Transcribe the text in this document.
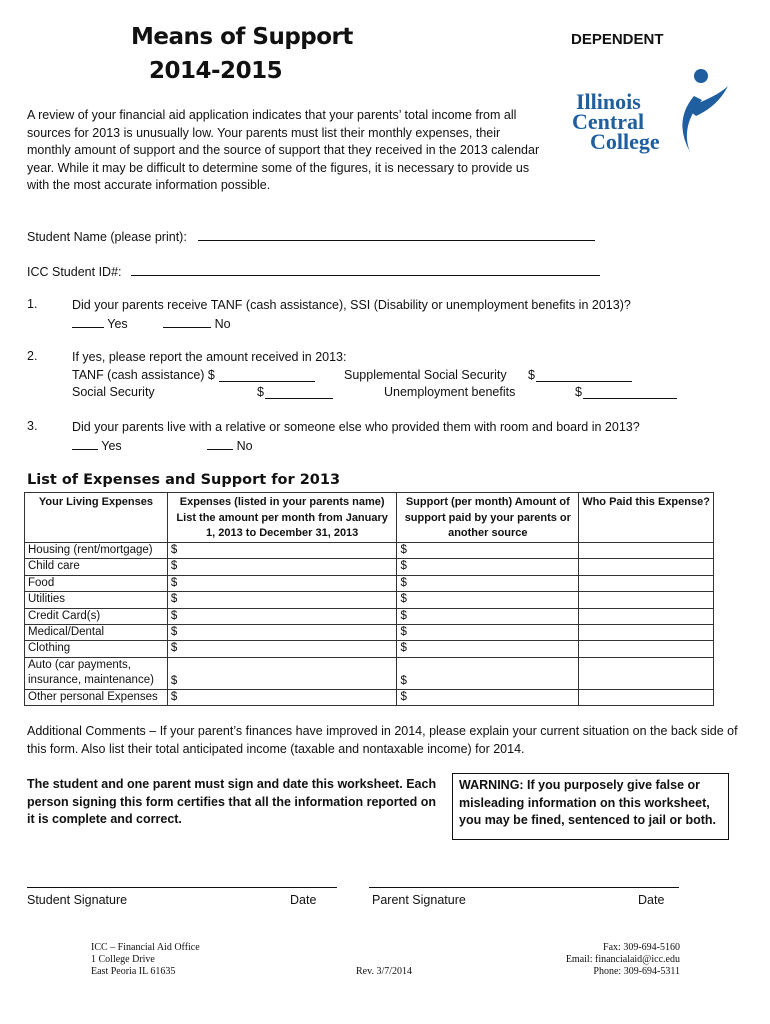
Means of Support
2014-2015
DEPENDENT
Illinois
Central
College
A review of your financial aid application indicates that your parents’ total income from all sources for 2013 is unusually low. Your parents must list their monthly expenses, their monthly amount of support and the source of support that they received in the 2013 calendar year. While it may be difficult to determine some of the figures, it is necessary to provide us with the most accurate information possible.
Student Name (please print):
ICC Student ID#:
1.	Did your parents receive TANF (cash assistance), SSI (Disability or unemployment benefits in 2013)?
Yes	No
2.	If yes, please report the amount received in 2013:
TANF (cash assistance) $	Supplemental Social Security $
Social Security	$	Unemployment benefits	$
3.	Did your parents live with a relative or someone else who provided them with room and board in 2013?
Yes	No
List of Expenses and Support for 2013
Your Living Expenses	Expenses (listed in your parents name) List the amount per month from January 1, 2013 to December 31, 2013	Support (per month) Amount of support paid by your parents or another source	Who Paid this Expense?
Housing (rent/mortgage)	$	$	
Child care	$	$	
Food	$	$	
Utilities	$	$	
Credit Card(s)	$	$	
Medical/Dental	$	$	
Clothing	$	$	
Auto (car payments, insurance, maintenance)	$	$	
Other personal Expenses	$	$	
Additional Comments – If your parent’s finances have improved in 2014, please explain your current situation on the back side of this form. Also list their total anticipated income (taxable and nontaxable income) for 2014.
The student and one parent must sign and date this worksheet. Each person signing this form certifies that all the information reported on it is complete and correct.
WARNING: If you purposely give false or misleading information on this worksheet, you may be fined, sentenced to jail or both.
Student Signature	Date	Parent Signature	Date
ICC – Financial Aid Office
1 College Drive
East Peoria IL 61635	Rev. 3/7/2014
Fax: 309-694-5160
Email: financialaid@icc.edu
Phone: 309-694-5311
